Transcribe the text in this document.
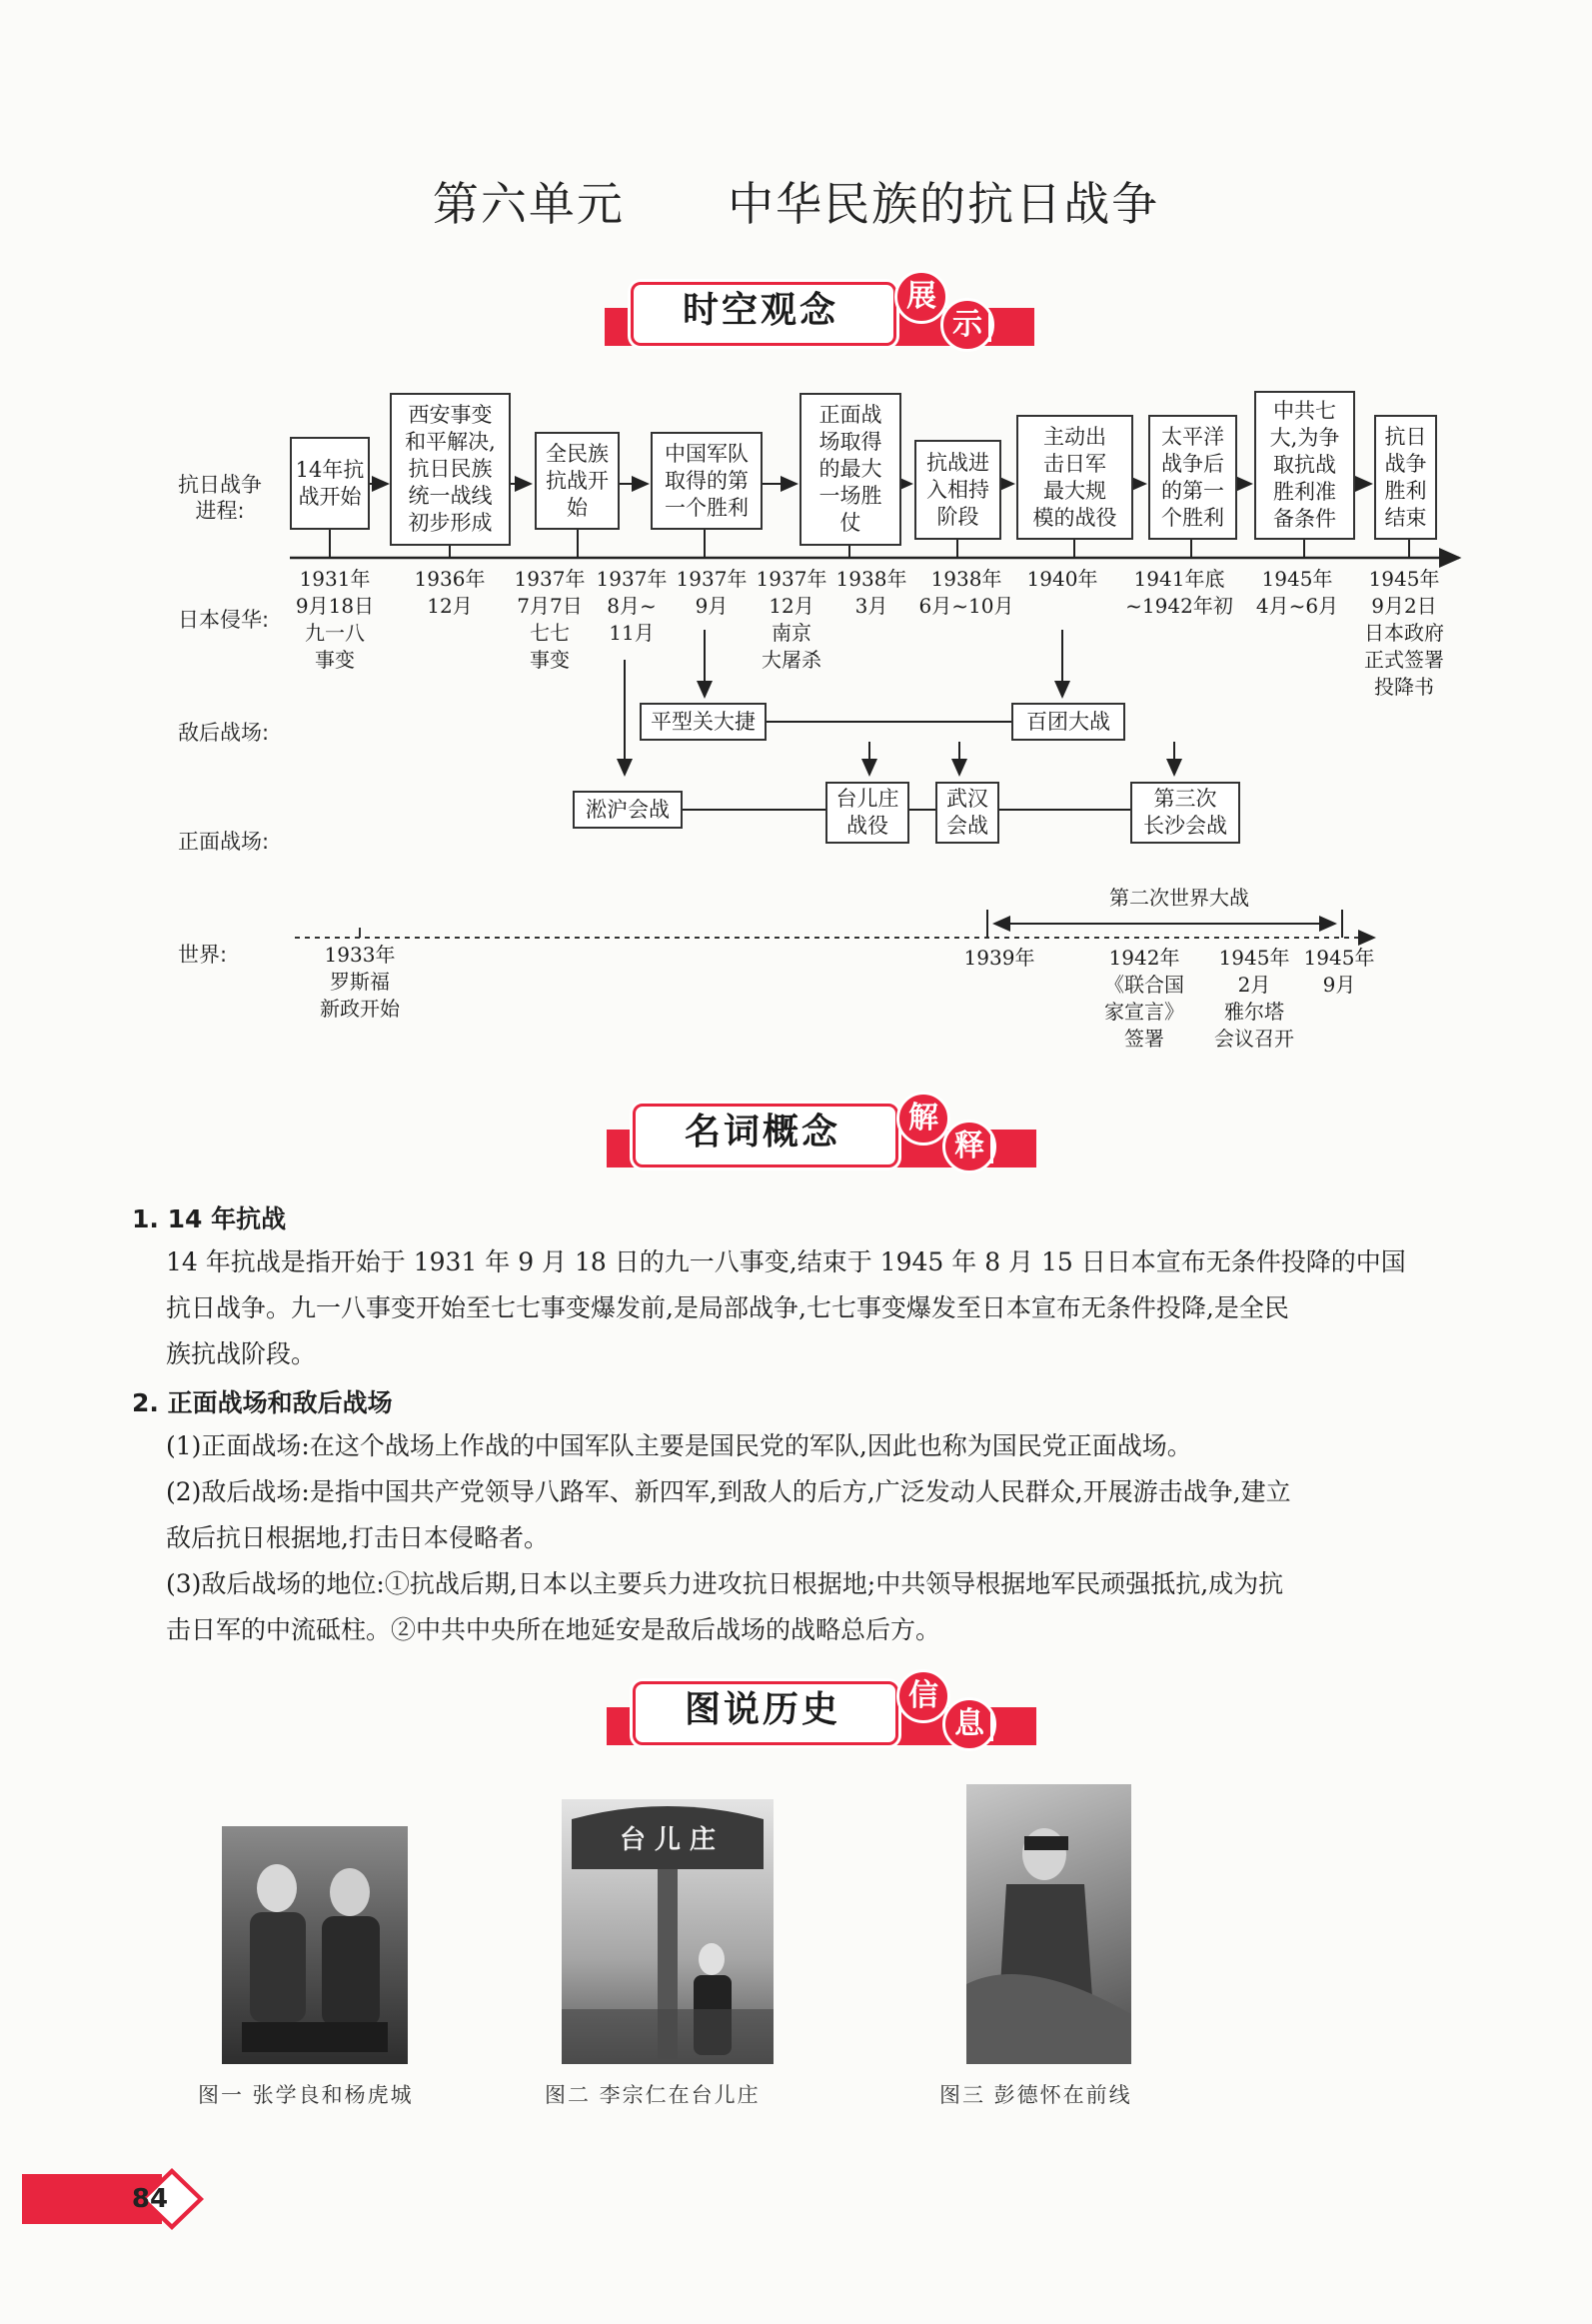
第六单元 中华民族的抗日战争
时空观念	展
示
抗日战争
进程:
日本侵华:
敌后战场:
正面战场:
世界:
14年抗
战开始
西安事变
和平解决,
抗日民族
统一战线
初步形成
全民族
抗战开
始
中国军队
取得的第
一个胜利
正面战
场取得
的最大
一场胜
仗
抗战进
入相持
阶段
主动出
击日军
最大规
模的战役
太平洋
战争后
的第一
个胜利
中共七
大,为争
取抗战
胜利准
备条件
抗日
战争
胜利
结束
1931年
9月18日
九一八
事变
1936年
12月
1937年
7月7日
七七
事变
1937年
8月~
11月
1937年
9月
1937年
12月
南京
大屠杀
1938年
3月
1938年
6月~10月
1940年	1941年底
~1942年初
1945年
4月~6月
1945年
9月2日
日本政府
正式签署
投降书
平型关大捷	百团大战
淞沪会战	台儿庄
战役
武汉
会战
第三次
长沙会战
第二次世界大战
1933年
罗斯福
新政开始
1939年	1942年
《联合国
家宣言》
签署
1945年
2月
雅尔塔
会议召开
1945年
9月
名词概念	解
释
1. 14 年抗战
14 年抗战是指开始于 1931 年 9 月 18 日的九一八事变,结束于 1945 年 8 月 15 日日本宣布无条件投降的中国
抗日战争。九一八事变开始至七七事变爆发前,是局部战争,七七事变爆发至日本宣布无条件投降,是全民
族抗战阶段。
2. 正面战场和敌后战场
(1)正面战场:在这个战场上作战的中国军队主要是国民党的军队,因此也称为国民党正面战场。
(2)敌后战场:是指中国共产党领导八路军、新四军,到敌人的后方,广泛发动人民群众,开展游击战争,建立
敌后抗日根据地,打击日本侵略者。
(3)敌后战场的地位:①抗战后期,日本以主要兵力进攻抗日根据地;中共领导根据地军民顽强抵抗,成为抗
击日军的中流砥柱。②中共中央所在地延安是敌后战场的战略总后方。
图说历史	信
息
台 儿 庄
图一 张学良和杨虎城	图二 李宗仁在台儿庄	图三 彭德怀在前线
84
